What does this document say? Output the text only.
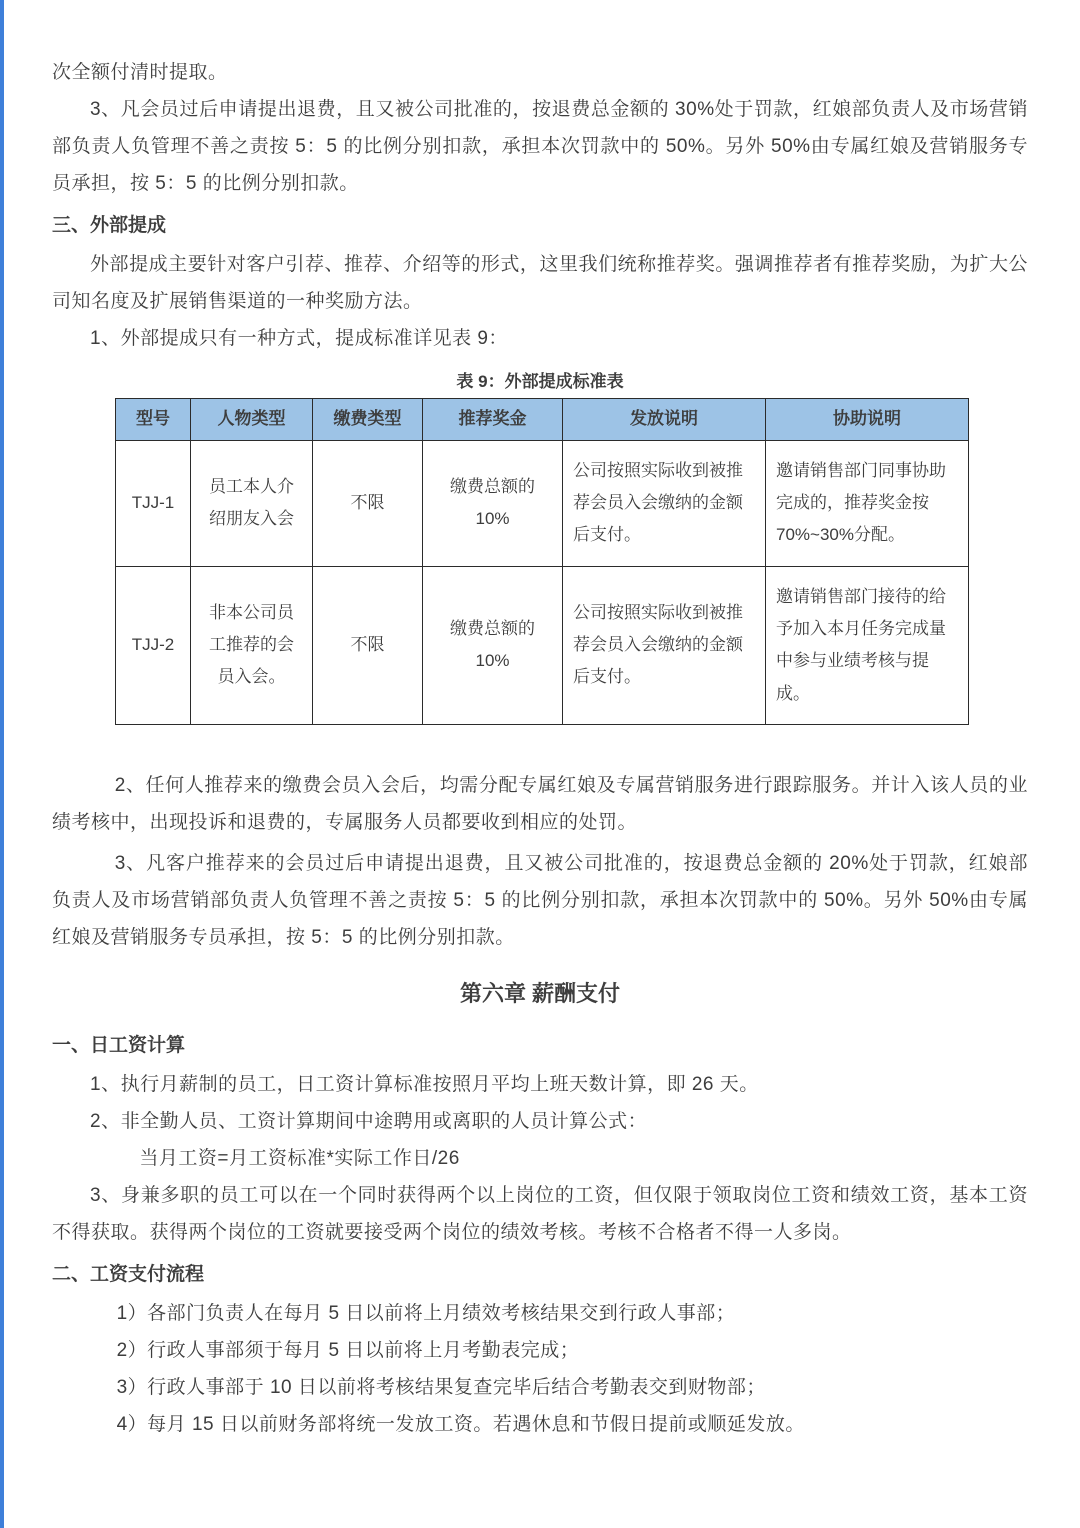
次全额付清时提取。

3、凡会员过后申请提出退费，且又被公司批准的，按退费总金额的 30%处于罚款，红娘部负责人及市场营销部负责人负管理不善之责按 5：5 的比例分别扣款，承担本次罚款中的 50%。另外 50%由专属红娘及营销服务专员承担，按 5：5 的比例分别扣款。

三、外部提成

外部提成主要针对客户引荐、推荐、介绍等的形式，这里我们统称推荐奖。强调推荐者有推荐奖励，为扩大公司知名度及扩展销售渠道的一种奖励方法。

1、外部提成只有一种方式，提成标准详见表 9：

表 9：外部提成标准表
型号	人物类型	缴费类型	推荐奖金	发放说明	协助说明
TJJ-1	员工本人介绍朋友入会	不限	缴费总额的10%	公司按照实际收到被推荐会员入会缴纳的金额后支付。	邀请销售部门同事协助完成的，推荐奖金按70%~30%分配。
TJJ-2	非本公司员工推荐的会员入会。	不限	缴费总额的10%	公司按照实际收到被推荐会员入会缴纳的金额后支付。	邀请销售部门接待的给予加入本月任务完成量中参与业绩考核与提成。

2、任何人推荐来的缴费会员入会后，均需分配专属红娘及专属营销服务进行跟踪服务。并计入该人员的业绩考核中，出现投诉和退费的，专属服务人员都要收到相应的处罚。

3、凡客户推荐来的会员过后申请提出退费，且又被公司批准的，按退费总金额的 20%处于罚款，红娘部负责人及市场营销部负责人负管理不善之责按 5：5 的比例分别扣款，承担本次罚款中的 50%。另外 50%由专属红娘及营销服务专员承担，按 5：5 的比例分别扣款。

第六章 薪酬支付
一、日工资计算

1、执行月薪制的员工，日工资计算标准按照月平均上班天数计算，即 26 天。

2、非全勤人员、工资计算期间中途聘用或离职的人员计算公式：

当月工资=月工资标准*实际工作日/26

3、身兼多职的员工可以在一个同时获得两个以上岗位的工资，但仅限于领取岗位工资和绩效工资，基本工资不得获取。获得两个岗位的工资就要接受两个岗位的绩效考核。考核不合格者不得一人多岗。

二、工资支付流程

1）各部门负责人在每月 5 日以前将上月绩效考核结果交到行政人事部；

2）行政人事部须于每月 5 日以前将上月考勤表完成；

3）行政人事部于 10 日以前将考核结果复查完毕后结合考勤表交到财物部；

4）每月 15 日以前财务部将统一发放工资。若遇休息和节假日提前或顺延发放。
